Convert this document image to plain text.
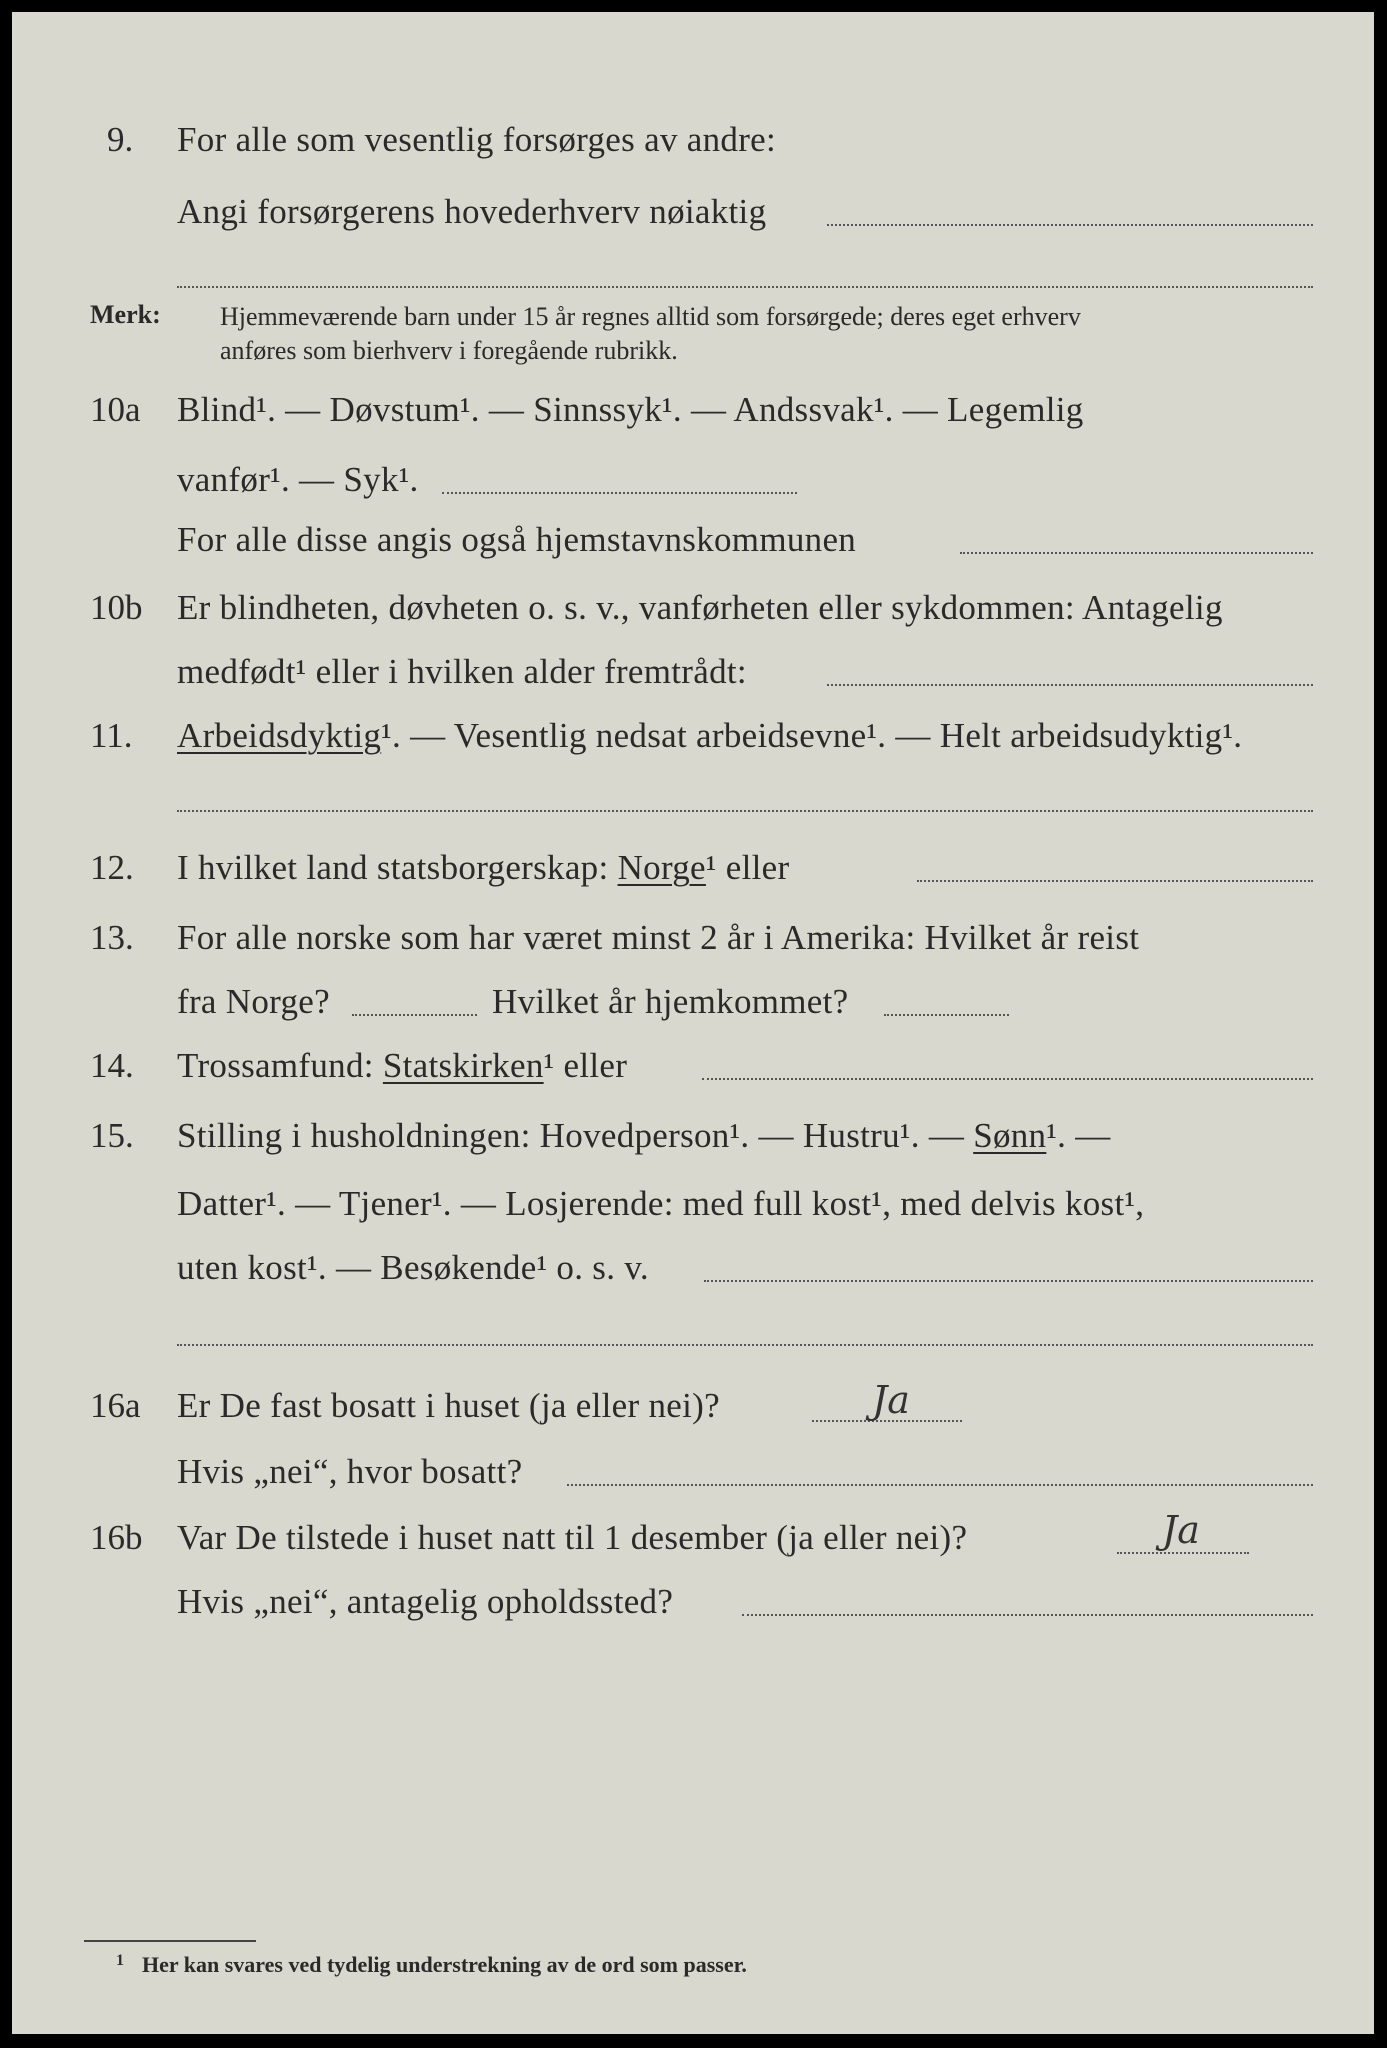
9. For alle som vesentlig forsørges av andre:
Angi forsørgerens hovederhverv nøiaktig
Merk: Hjemmeværende barn under 15 år regnes alltid som forsørgede; deres eget erhverv
anføres som bierhverv i foregående rubrikk.
10a Blind¹. — Døvstum¹. — Sinnssyk¹. — Andssvak¹. — Legemlig
vanfør¹. — Syk¹.
For alle disse angis også hjemstavnskommunen
10b Er blindheten, døvheten o. s. v., vanførheten eller sykdommen: Antagelig
medfødt¹ eller i hvilken alder fremtrådt:
11. Arbeidsdyktig¹. — Vesentlig nedsat arbeidsevne¹. — Helt arbeidsudyktig¹.
12. I hvilket land statsborgerskap: Norge¹ eller
13. For alle norske som har været minst 2 år i Amerika: Hvilket år reist
fra Norge?	Hvilket år hjemkommet?
14. Trossamfund: Statskirken¹ eller
15. Stilling i husholdningen: Hovedperson¹. — Hustru¹. — Sønn¹. —
Datter¹. — Tjener¹. — Losjerende: med full kost¹, med delvis kost¹,
uten kost¹. — Besøkende¹ o. s. v.
16a Er De fast bosatt i huset (ja eller nei)?	Ja
Hvis „nei“, hvor bosatt?
16b Var De tilstede i huset natt til 1 desember (ja eller nei)?	Ja
Hvis „nei“, antagelig opholdssted?
1 Her kan svares ved tydelig understrekning av de ord som passer.
